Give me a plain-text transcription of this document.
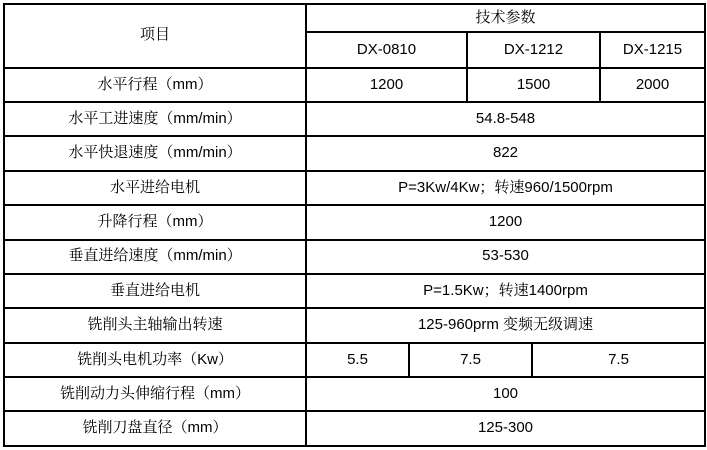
项目	技术参数				
	DX-0810		DX-1212		DX-1215
水平行程（mm）	1200		1500		2000
水平工进速度（mm/min）	54.8-548				
水平快退速度（mm/min）	822				
水平进给电机	P=3Kw/4Kw；转速960/1500rpm				
升降行程（mm）	1200				
垂直进给速度（mm/min）	53-530				
垂直进给电机	P=1.5Kw；转速1400rpm				
铣削头主轴输出转速	125-960prm 变频无级调速				
铣削头电机功率（Kw）	5.5	7.5		7.5	
铣削动力头伸缩行程（mm）	100				
铣削刀盘直径（mm）	125-300				
